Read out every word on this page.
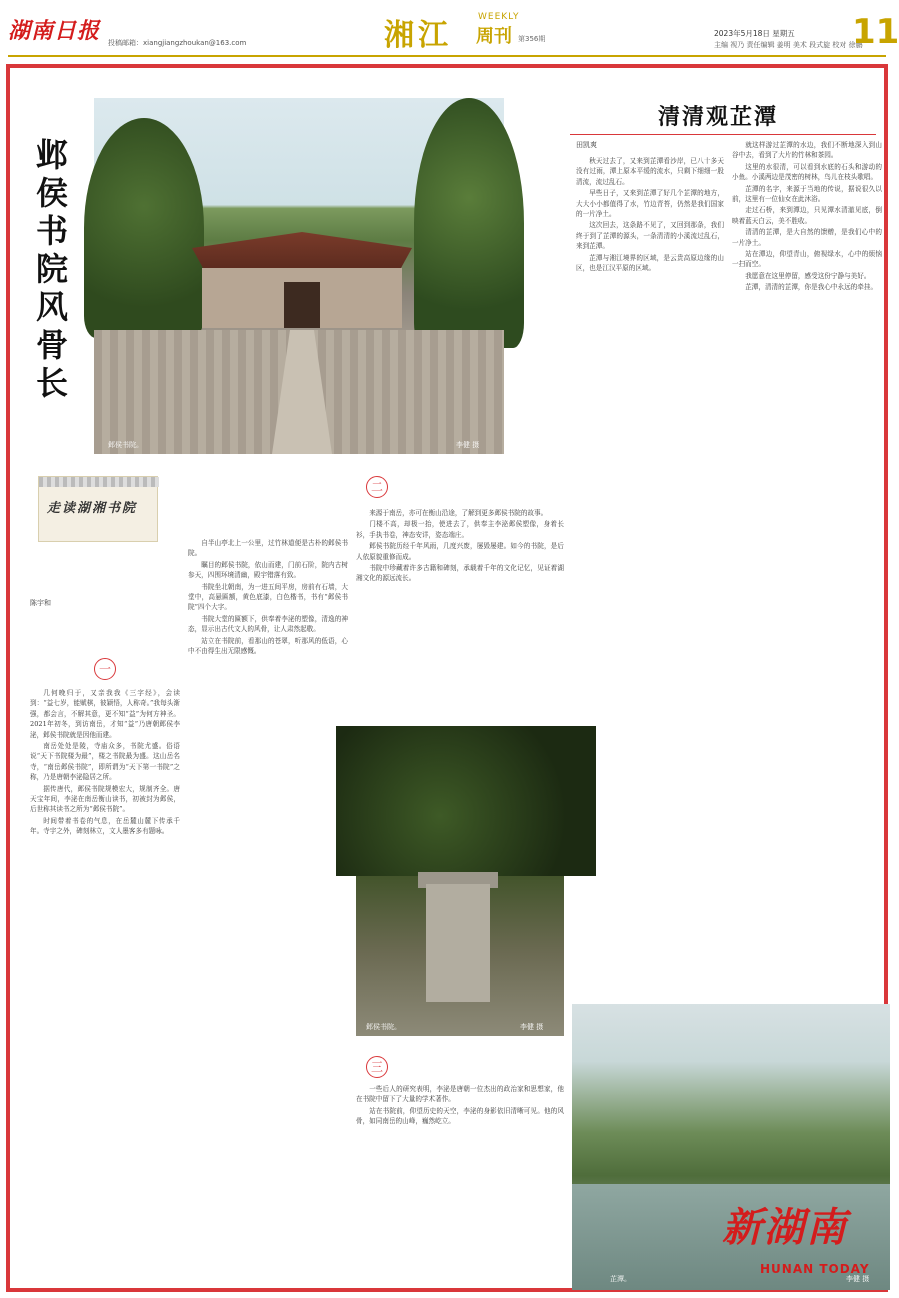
湖南日报 投稿邮箱：xiangjiangzhoukan@163.com	湘江
WEEKLY
周刊 第356期
2023年5月18日 星期五
主编 视乃 责任编辑 姜明 美术 段式旋 校对 徐鹏
11
邺侯书院。	李健 摄
邺侯书院风骨长
走读湖湘书院
陈宇和
一
二
三

几何晚归于，又亲我我《三字经》，会读到：“益七岁，能赋棋，彼颖悟，人称奇。”我每头渐强，都会言，不解其意，更不知“益”为何方神圣。2021年初冬，到访南岳，才知“益”乃唐朝邺侯李泌，邺侯书院就是因他而建。

南岳处处是陵，寺庙众多，书院尤盛。俗语说“天下书院楼为最”，楼之书院最为盛。这山岳名寺，“南岳邺侯书院”，即所谓为“天下第一书院”之称，乃是唐朝李泌隐居之所。

据传唐代，邺侯书院规模宏大，规制齐全。唐天宝年间，李泌在南岳衡山读书，初被封为邺侯，后世称其读书之所为“邺侯书院”。

时间带着书卷的气息，在岳麓山麓下传承千年。寺宇之外，碑刻林立，文人墨客多有题咏。

自半山亭北上一公里，过竹林道便是古朴的邺侯书院。

瞩目的邺侯书院，依山而建，门前石阶，院内古树参天，四围环境清幽，殿宇错落有致。

书院坐北朝南，为一进五间平房，房前有石墙，大堂中，高悬匾额，黄色底漆，白色楷书，书有“邺侯书院”四个大字。

书院大堂的匾额下，供奉着李泌的塑像，清逸的神态，显示出古代文人的风骨，让人肃然起敬。

站立在书院前，看那山的苍翠，听那风的低语，心中不由得生出无限感慨。

来源于南岳，亦可在衡山沿途，了解到更多邺侯书院的故事。

门楼不高，却极一抬，使进去了，供奉主李泌邺侯塑像，身着长衫，手执书卷，神态安详，姿态端庄。

邺侯书院历经千年风雨，几度兴废，屡毁屡建。如今的书院，是后人依原貌重修而成。

书院中珍藏着许多古籍和碑刻，承载着千年的文化记忆，见证着湖湘文化的源远流长。

邺侯书院。	李健 摄

一些后人的研究表明，李泌是唐朝一位杰出的政治家和思想家，他在书院中留下了大量的学术著作。

站在书院前，仰望历史的天空，李泌的身影依旧清晰可见。他的风骨，如同南岳的山峰，巍然屹立。

清清观芷潭
田凯爽

秋天过去了，又来到芷潭看沙岸，已八十多天没有过雨，潭上原本平缓的流水，只剩下细细一股清流，流过乱石。

早些日子，又来到芷潭了好几个芷潭的地方，大大小小都值得了水，竹边青苔，仍然是我们国家的一片净土。

这次回去，这条路不见了，又回到那条，我们终于到了芷潭的源头，一条清清的小溪流过乱石，来到芷潭。

芷潭与湘江境界的区域，是云贵高原边缘的山区，也是江汉平原的区域。

就这样游过芷潭的水边，我们不断地深入到山谷中去，看到了大片的竹林和茶园。

这里的水很清，可以看到水底的石头和游动的小鱼。小溪两边是茂密的树林，鸟儿在枝头歌唱。

芷潭的名字，来源于当地的传说，据说很久以前，这里有一位仙女在此沐浴。

走过石桥，来到潭边，只见潭水清澈见底，倒映着蓝天白云，美不胜收。

清清的芷潭，是大自然的馈赠，是我们心中的一片净土。

站在潭边，仰望青山，俯视绿水，心中的烦恼一扫而空。

我愿意在这里停留，感受这份宁静与美好。

芷潭，清清的芷潭，你是我心中永远的牵挂。

新湖南
HUNAN TODAY
芷潭。	李健 摄
